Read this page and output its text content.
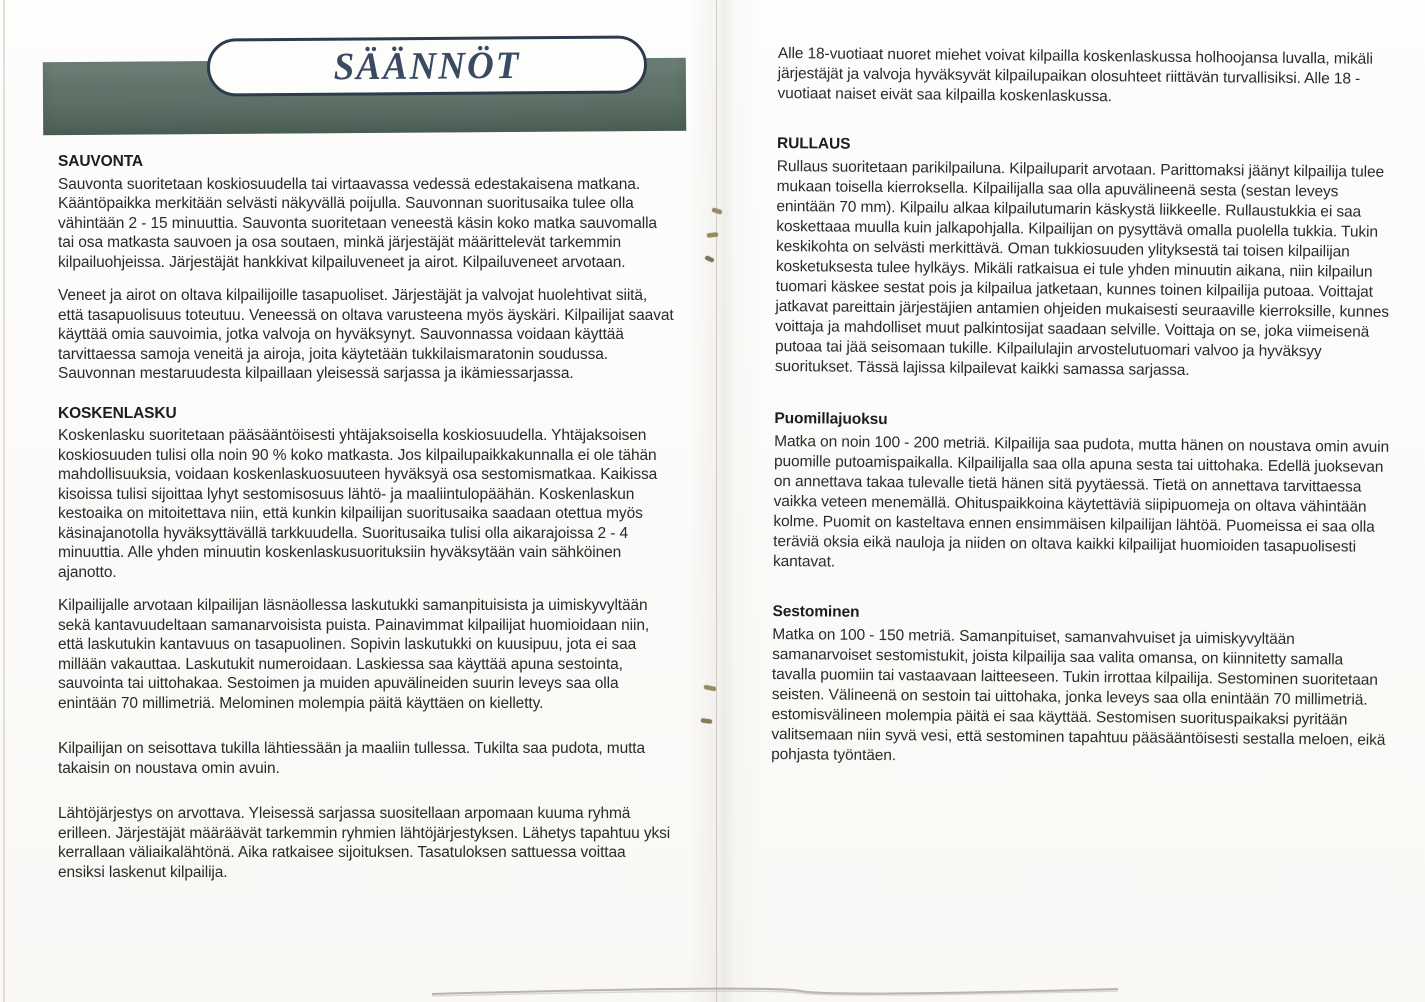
SÄÄNNÖT
SAUVONTA

Sauvonta suoritetaan koskiosuudella tai virtaavassa vedessä edestakaisena matkana. Kääntöpaikka merkitään selvästi näkyvällä poijulla. Sauvonnan suoritusaika tulee olla vähintään 2 - 15 minuuttia. Sauvonta suoritetaan veneestä käsin koko matka sauvomalla tai osa matkasta sauvoen ja osa soutaen, minkä järjestäjät määrittelevät tarkemmin kilpailuohjeissa. Järjestäjät hankkivat kilpailuveneet ja airot. Kilpailuveneet arvotaan.

Veneet ja airot on oltava kilpailijoille tasapuoliset. Järjestäjät ja valvojat huolehtivat siitä, että tasapuolisuus toteutuu. Veneessä on oltava varusteena myös äyskäri. Kilpailijat saavat käyttää omia sauvoimia, jotka valvoja on hyväksynyt. Sauvonnassa voidaan käyttää tarvittaessa samoja veneitä ja airoja, joita käytetään tukkilaismaratonin soudussa. Sauvonnan mestaruudesta kilpaillaan yleisessä sarjassa ja ikämiessarjassa.

KOSKENLASKU

Koskenlasku suoritetaan pääsääntöisesti yhtäjaksoisella koskiosuudella. Yhtäjaksoisen koskiosuuden tulisi olla noin 90 % koko matkasta. Jos kilpailupaikkakunnalla ei ole tähän mahdollisuuksia, voidaan koskenlaskuosuuteen hyväksyä osa sestomismatkaa. Kaikissa kisoissa tulisi sijoittaa lyhyt sestomisosuus lähtö- ja maaliintulopäähän. Koskenlaskun kestoaika on mitoitettava niin, että kunkin kilpailijan suoritusaika saadaan otettua myös käsinajanotolla hyväksyttävällä tarkkuudella. Suoritusaika tulisi olla aikarajoissa 2 - 4 minuuttia. Alle yhden minuutin koskenlaskusuorituksiin hyväksytään vain sähköinen ajanotto.

Kilpailijalle arvotaan kilpailijan läsnäollessa laskutukki samanpituisista ja uimiskyvyltään sekä kantavuudeltaan samanarvoisista puista. Painavimmat kilpailijat huomioidaan niin, että laskutukin kantavuus on tasapuolinen. Sopivin laskutukki on kuusipuu, jota ei saa millään vakauttaa. Laskutukit numeroidaan. Laskiessa saa käyttää apuna sestointa, sauvointa tai uittohakaa. Sestoimen ja muiden apuvälineiden suurin leveys saa olla enintään 70 millimetriä. Melominen molempia päitä käyttäen on kielletty.

Kilpailijan on seisottava tukilla lähtiessään ja maaliin tullessa. Tukilta saa pudota, mutta takaisin on noustava omin avuin.

Lähtöjärjestys on arvottava. Yleisessä sarjassa suositellaan arpomaan kuuma ryhmä erilleen. Järjestäjät määräävät tarkemmin ryhmien lähtöjärjestyksen. Lähetys tapahtuu yksi kerrallaan väliaikalähtönä. Aika ratkaisee sijoituksen. Tasatuloksen sattuessa voittaa ensiksi laskenut kilpailija.

Alle 18-vuotiaat nuoret miehet voivat kilpailla koskenlaskussa holhoojansa luvalla, mikäli järjestäjät ja valvoja hyväksyvät kilpailupaikan olosuhteet riittävän turvallisiksi. Alle 18 -vuotiaat naiset eivät saa kilpailla koskenlaskussa.

RULLAUS

Rullaus suoritetaan parikilpailuna. Kilpailuparit arvotaan. Parittomaksi jäänyt kilpailija tulee mukaan toisella kierroksella. Kilpailijalla saa olla apuvälineenä sesta (sestan leveys enintään 70 mm). Kilpailu alkaa kilpailutumarin käskystä liikkeelle. Rullaustukkia ei saa koskettaaa muulla kuin jalkapohjalla. Kilpailijan on pysyttävä omalla puolella tukkia. Tukin keskikohta on selvästi merkittävä. Oman tukkiosuuden ylityksestä tai toisen kilpailijan kosketuksesta tulee hylkäys. Mikäli ratkaisua ei tule yhden minuutin aikana, niin kilpailun tuomari käskee sestat pois ja kilpailua jatketaan, kunnes toinen kilpailija putoaa. Voittajat jatkavat pareittain järjestäjien antamien ohjeiden mukaisesti seuraaville kierroksille, kunnes voittaja ja mahdolliset muut palkintosijat saadaan selville. Voittaja on se, joka viimeisenä putoaa tai jää seisomaan tukille. Kilpailulajin arvostelutuomari valvoo ja hyväksyy suoritukset. Tässä lajissa kilpailevat kaikki samassa sarjassa.

Puomillajuoksu

Matka on noin 100 - 200 metriä. Kilpailija saa pudota, mutta hänen on noustava omin avuin puomille putoamispaikalla. Kilpailijalla saa olla apuna sesta tai uittohaka. Edellä juoksevan on annettava takaa tulevalle tietä hänen sitä pyytäessä. Tietä on annettava tarvittaessa vaikka veteen menemällä. Ohituspaikkoina käytettäviä siipipuomeja on oltava vähintään kolme. Puomit on kasteltava ennen ensimmäisen kilpailijan lähtöä. Puomeissa ei saa olla teräviä oksia eikä nauloja ja niiden on oltava kaikki kilpailijat huomioiden tasapuolisesti kantavat.

Sestominen

Matka on 100 - 150 metriä. Samanpituiset, samanvahvuiset ja uimiskyvyltään samanarvoiset sestomistukit, joista kilpailija saa valita omansa, on kiinnitetty samalla tavalla puomiin tai vastaavaan laitteeseen. Tukin irrottaa kilpailija. Sestominen suoritetaan seisten. Välineenä on sestoin tai uittohaka, jonka leveys saa olla enintään 70 millimetriä. estomisvälineen molempia päitä ei saa käyttää. Sestomisen suorituspaikaksi pyritään valitsemaan niin syvä vesi, että sestominen tapahtuu pääsääntöisesti sestalla meloen, eikä pohjasta työntäen.
